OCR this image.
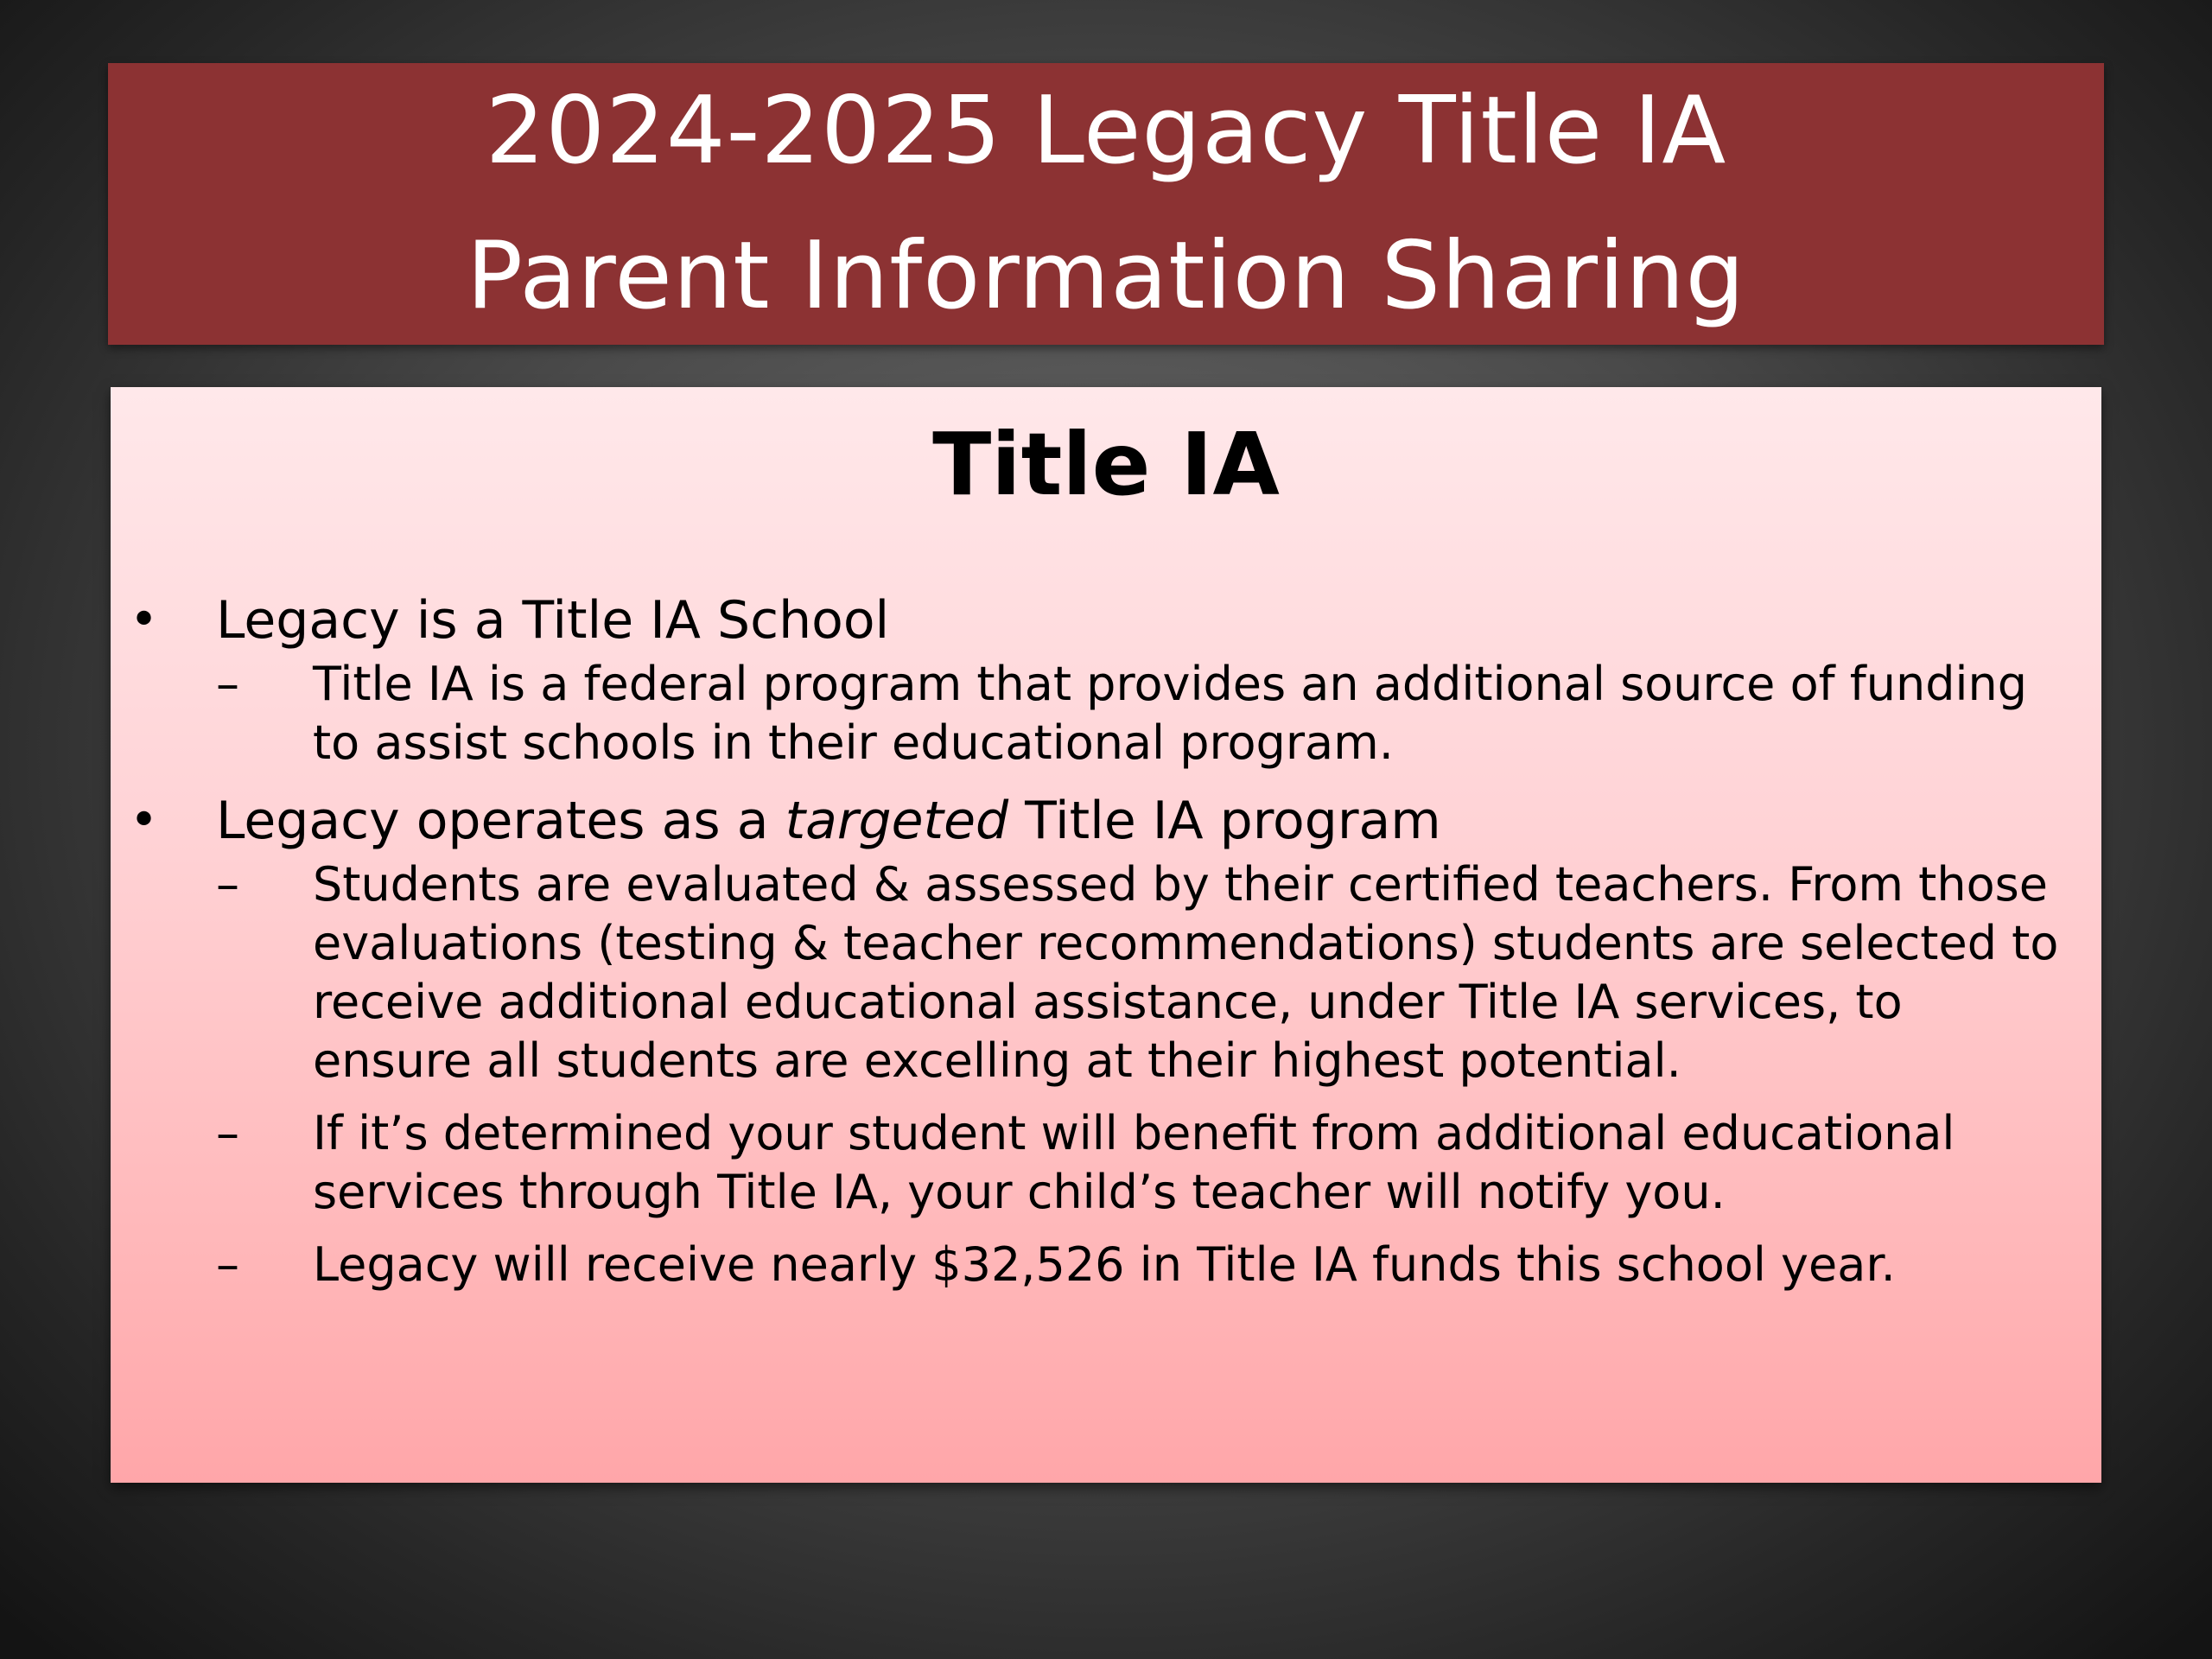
2024-2025 Legacy Title IA
Parent Information Sharing
Title IA
• Legacy is a Title IA School
– Title IA is a federal program that provides an additional source of funding to assist schools in their educational program.
• Legacy operates as a targeted Title IA program
– Students are evaluated & assessed by their certified teachers. From those evaluations (testing & teacher recommendations) students are selected to receive additional educational assistance, under Title IA services, to ensure all students are excelling at their highest potential.
– If it’s determined your student will benefit from additional educational services through Title IA, your child’s teacher will notify you.
– Legacy will receive nearly $32,526 in Title IA funds this school year.
